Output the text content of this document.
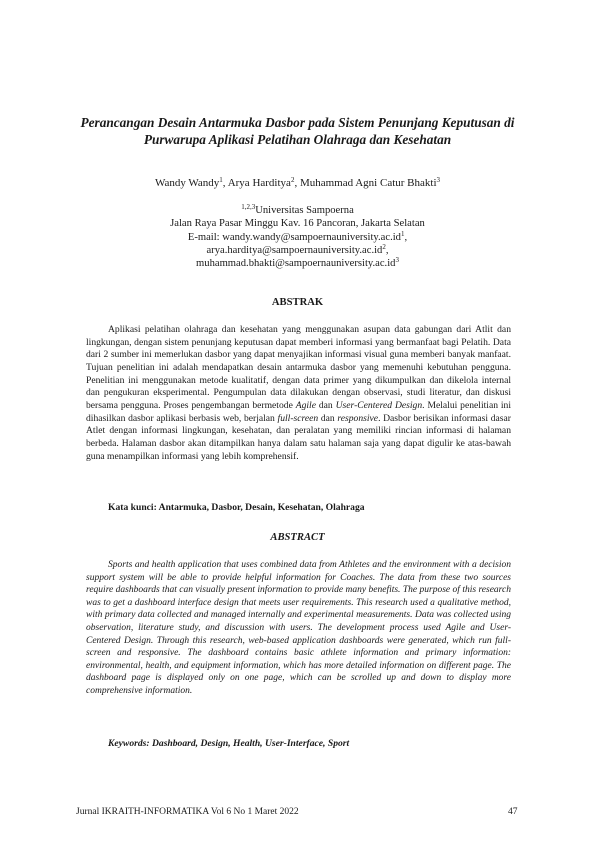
Perancangan Desain Antarmuka Dasbor pada Sistem Penunjang Keputusan di Purwarupa Aplikasi Pelatihan Olahraga dan Kesehatan
Wandy Wandy$^1$, Arya Harditya$^2$, Muhammad Agni Catur Bhakti$^3$
$^{1,2,3}$Universitas Sampoerna
Jalan Raya Pasar Minggu Kav. 16 Pancoran, Jakarta Selatan
E-mail: $wandy.wandy@sampoernauniversity.ac.id^1$,
$arya.harditya@sampoernauniversity.ac.id^2$,
$muhammad.bhakti@sampoernauniversity.ac.id^3$
ABSTRAK

Aplikasi pelatihan olahraga dan kesehatan yang menggunakan asupan data gabungan dari Atlit dan lingkungan, dengan sistem penunjang keputusan dapat memberi informasi yang bermanfaat bagi Pelatih. Data dari 2 sumber ini memerlukan dasbor yang dapat menyajikan informasi visual guna memberi banyak manfaat. Tujuan penelitian ini adalah mendapatkan desain antarmuka dasbor yang memenuhi kebutuhan pengguna. Penelitian ini menggunakan metode kualitatif, dengan data primer yang dikumpulkan dan dikelola internal dan pengukuran eksperimental. Pengumpulan data dilakukan dengan observasi, studi literatur, dan diskusi bersama pengguna. Proses pengembangan bermetode Agile dan User-Centered Design. Melalui penelitian ini dihasilkan dasbor aplikasi berbasis web, berjalan full-screen dan responsive. Dasbor berisikan informasi dasar Atlet dengan informasi lingkungan, kesehatan, dan peralatan yang memiliki rincian informasi di halaman berbeda. Halaman dasbor akan ditampilkan hanya dalam satu halaman saja yang dapat digulir ke atas-bawah guna menampilkan informasi yang lebih komprehensif.

Kata kunci: Antarmuka, Dasbor, Desain, Kesehatan, Olahraga
ABSTRACT

Sports and health application that uses combined data from Athletes and the environment with a decision support system will be able to provide helpful information for Coaches. The data from these two sources require dashboards that can visually present information to provide many benefits. The purpose of this research was to get a dashboard interface design that meets user requirements. This research used a qualitative method, with primary data collected and managed internally and experimental measurements. Data was collected using observation, literature study, and discussion with users. The development process used Agile and User-Centered Design. Through this research, web-based application dashboards were generated, which run full-screen and responsive. The dashboard contains basic athlete information and primary information: environmental, health, and equipment information, which has more detailed information on different page. The dashboard page is displayed only on one page, which can be scrolled up and down to display more comprehensive information.

Keywords: Dashboard, Design, Health, User-Interface, Sport
Jurnal IKRAITH-INFORMATIKA Vol 6 No 1 Maret 2022	47
